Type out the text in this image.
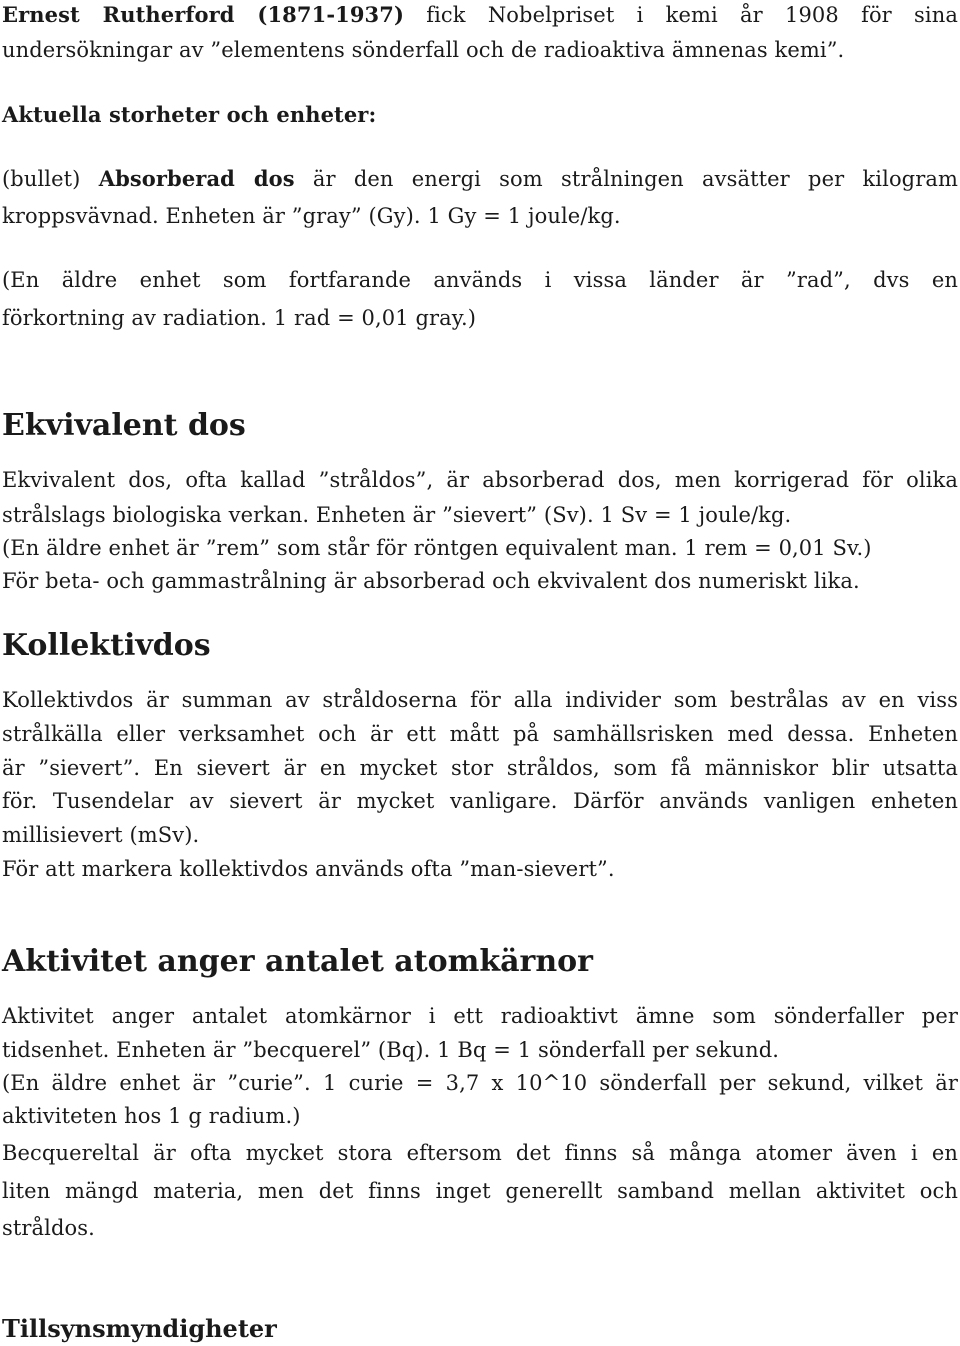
Ernest Rutherford (1871-1937) fick Nobelpriset i kemi år 1908 för sina

undersökningar av ”elementens sönderfall och de radioaktiva ämnenas kemi”.

Aktuella storheter och enheter:

(bullet) Absorberad dos är den energi som strålningen avsätter per kilogram

kroppsvävnad. Enheten är ”gray” (Gy). 1 Gy = 1 joule/kg.

(En äldre enhet som fortfarande används i vissa länder är ”rad”, dvs en

förkortning av radiation. 1 rad = 0,01 gray.)

Ekvivalent dos

Ekvivalent dos, ofta kallad ”stråldos”, är absorberad dos, men korrigerad för olika

strålslags biologiska verkan. Enheten är ”sievert” (Sv). 1 Sv = 1 joule/kg.

(En äldre enhet är ”rem” som står för röntgen equivalent man. 1 rem = 0,01 Sv.)

För beta- och gammastrålning är absorberad och ekvivalent dos numeriskt lika.

Kollektivdos

Kollektivdos är summan av stråldoserna för alla individer som bestrålas av en viss

strålkälla eller verksamhet och är ett mått på samhällsrisken med dessa. Enheten

är ”sievert”. En sievert är en mycket stor stråldos, som få människor blir utsatta

för. Tusendelar av sievert är mycket vanligare. Därför används vanligen enheten

millisievert (mSv).

För att markera kollektivdos används ofta ”man-sievert”.

Aktivitet anger antalet atomkärnor

Aktivitet anger antalet atomkärnor i ett radioaktivt ämne som sönderfaller per

tidsenhet. Enheten är ”becquerel” (Bq). 1 Bq = 1 sönderfall per sekund.

(En äldre enhet är ”curie”. 1 curie = 3,7 x 10^10 sönderfall per sekund, vilket är

aktiviteten hos 1 g radium.)

Becquereltal är ofta mycket stora eftersom det finns så många atomer även i en

liten mängd materia, men det finns inget generellt samband mellan aktivitet och

stråldos.

Tillsynsmyndigheter
